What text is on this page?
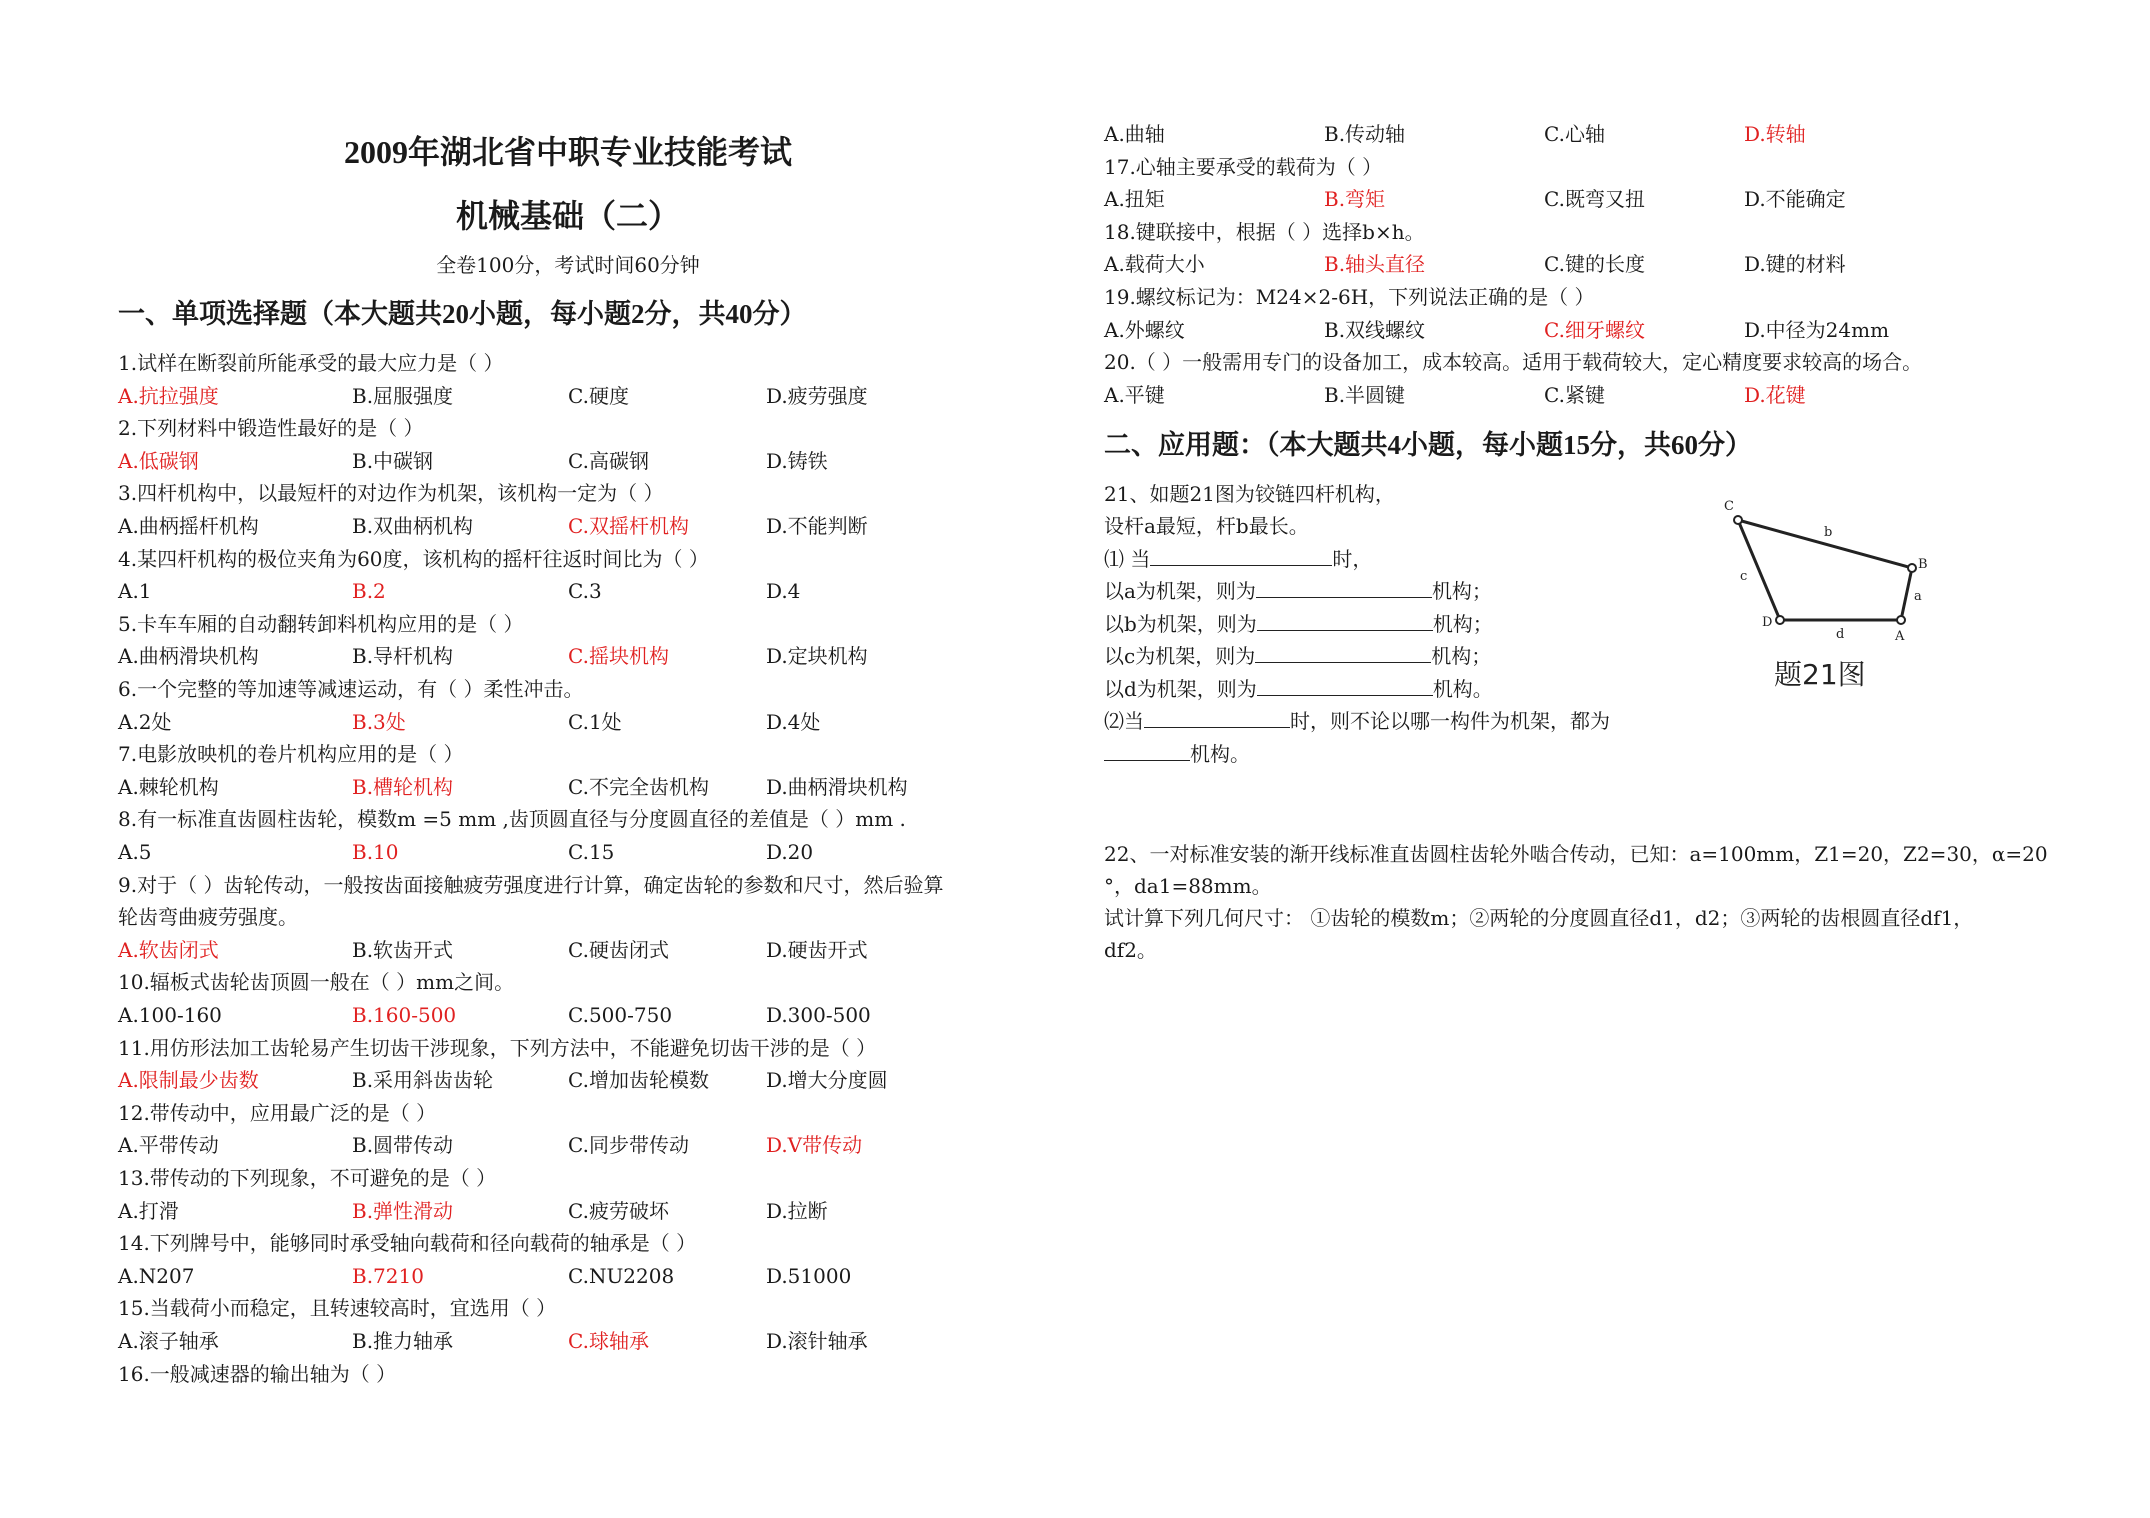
2009年湖北省中职专业技能考试
机械基础（二）
全卷100分，考试时间60分钟
一、单项选择题（本大题共20小题，每小题2分，共40分）
1.试样在断裂前所能承受的最大应力是（ ）
A.抗拉强度	B.屈服强度	C.硬度	D.疲劳强度
2.下列材料中锻造性最好的是（ ）
A.低碳钢	B.中碳钢	C.高碳钢	D.铸铁
3.四杆机构中，以最短杆的对边作为机架，该机构一定为（ ）
A.曲柄摇杆机构	B.双曲柄机构	C.双摇杆机构	D.不能判断
4.某四杆机构的极位夹角为60度，该机构的摇杆往返时间比为（ ）
A.1	B.2	C.3	D.4
5.卡车车厢的自动翻转卸料机构应用的是（ ）
A.曲柄滑块机构	B.导杆机构	C.摇块机构	D.定块机构
6.一个完整的等加速等减速运动，有（ ）柔性冲击。
A.2处	B.3处	C.1处	D.4处
7.电影放映机的卷片机构应用的是（ ）
A.棘轮机构	B.槽轮机构	C.不完全齿机构	D.曲柄滑块机构
8.有一标准直齿圆柱齿轮，模数m =5 mm ,齿顶圆直径与分度圆直径的差值是（ ）mm .
A.5	B.10	C.15	D.20
9.对于（ ）齿轮传动，一般按齿面接触疲劳强度进行计算，确定齿轮的参数和尺寸，然后验算
轮齿弯曲疲劳强度。
A.软齿闭式	B.软齿开式	C.硬齿闭式	D.硬齿开式
10.辐板式齿轮齿顶圆一般在（ ）mm之间。
A.100-160	B.160-500	C.500-750	D.300-500
11.用仿形法加工齿轮易产生切齿干涉现象，下列方法中，不能避免切齿干涉的是（ ）
A.限制最少齿数	B.采用斜齿齿轮	C.增加齿轮模数	D.增大分度圆
12.带传动中，应用最广泛的是（ ）
A.平带传动	B.圆带传动	C.同步带传动	D.V带传动
13.带传动的下列现象，不可避免的是（ ）
A.打滑	B.弹性滑动	C.疲劳破坏	D.拉断
14.下列牌号中，能够同时承受轴向载荷和径向载荷的轴承是（ ）
A.N207	B.7210	C.NU2208	D.51000
15.当载荷小而稳定，且转速较高时，宜选用（ ）
A.滚子轴承	B.推力轴承	C.球轴承	D.滚针轴承
16.一般减速器的输出轴为（ ）
A.曲轴	B.传动轴	C.心轴	D.转轴
17.心轴主要承受的载荷为（ ）
A.扭矩	B.弯矩	C.既弯又扭	D.不能确定
18.键联接中，根据（ ）选择b×h。
A.载荷大小	B.轴头直径	C.键的长度	D.键的材料
19.螺纹标记为：M24×2-6H，下列说法正确的是（ ）
A.外螺纹	B.双线螺纹	C.细牙螺纹	D.中径为24mm
20.（ ）一般需用专门的设备加工，成本较高。适用于载荷较大，定心精度要求较高的场合。
A.平键	B.半圆键	C.紧键	D.花键
二、应用题：（本大题共4小题，每小题15分，共60分）
21、如题21图为铰链四杆机构，
设杆a最短，杆b最长。
⑴ 当	时，
以a为机架，则为	机构；
以b为机架，则为	机构；
以c为机架，则为	机构；
以d为机架，则为	机构。
⑵当	时，则不论以哪一构件为机架，都为
机构。
C
B
D
A
b
a
c
d
题21图
22、一对标准安装的渐开线标准直齿圆柱齿轮外啮合传动，已知：a=100mm，Z1=20，Z2=30，α=20
°，da1=88mm。
试计算下列几何尺寸： ①齿轮的模数m；②两轮的分度圆直径d1，d2；③两轮的齿根圆直径df1，
df2。
